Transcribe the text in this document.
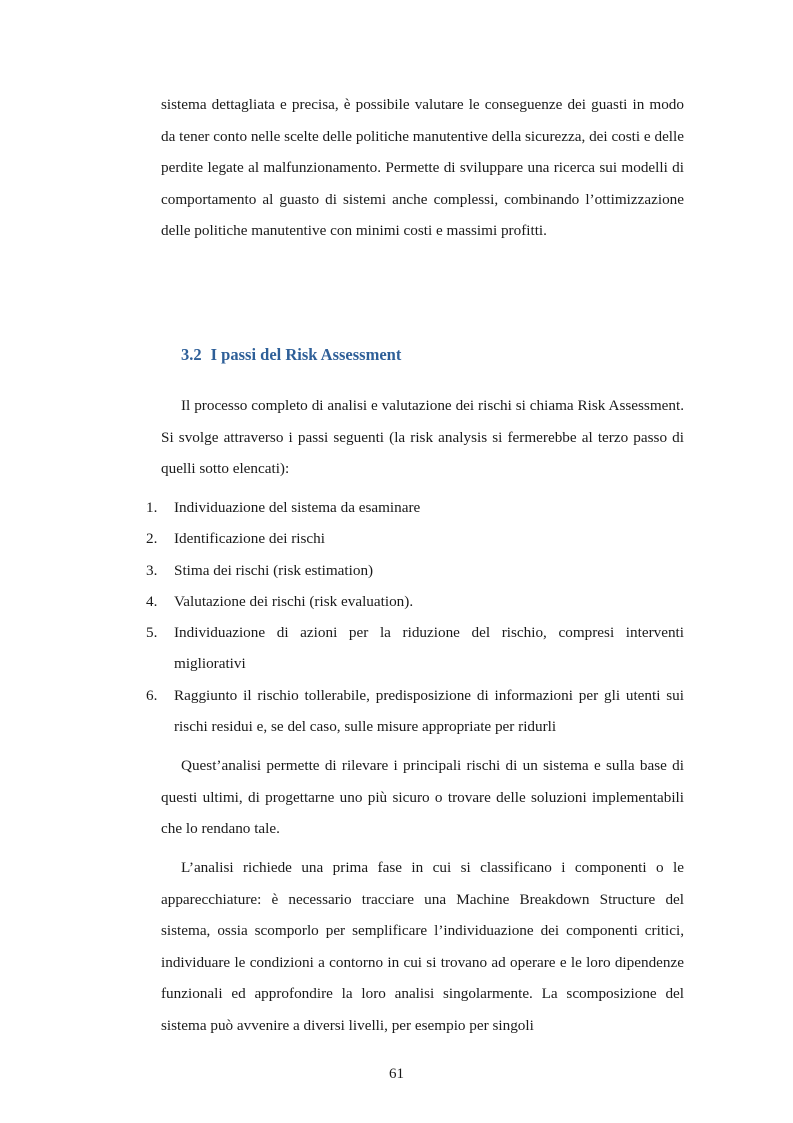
sistema dettagliata e precisa, è possibile valutare le conseguenze dei guasti in modo da tener conto nelle scelte delle politiche manutentive della sicurezza, dei costi e delle perdite legate al malfunzionamento. Permette di sviluppare una ricerca sui modelli di comportamento al guasto di sistemi anche complessi, combinando l’ottimizzazione delle politiche manutentive con minimi costi e massimi profitti.

3.2 I passi del Risk Assessment

Il processo completo di analisi e valutazione dei rischi si chiama Risk Assessment. Si svolge attraverso i passi seguenti (la risk analysis si fermerebbe al terzo passo di quelli sotto elencati):

1. Individuazione del sistema da esaminare
2. Identificazione dei rischi
3. Stima dei rischi (risk estimation)
4. Valutazione dei rischi (risk evaluation).
5. Individuazione di azioni per la riduzione del rischio, compresi interventi migliorativi
6. Raggiunto il rischio tollerabile, predisposizione di informazioni per gli utenti sui rischi residui e, se del caso, sulle misure appropriate per ridurli

Quest’analisi permette di rilevare i principali rischi di un sistema e sulla base di questi ultimi, di progettarne uno più sicuro o trovare delle soluzioni implementabili che lo rendano tale.

L’analisi richiede una prima fase in cui si classificano i componenti o le apparecchiature: è necessario tracciare una Machine Breakdown Structure del sistema, ossia scomporlo per semplificare l’individuazione dei componenti critici, individuare le condizioni a contorno in cui si trovano ad operare e le loro dipendenze funzionali ed approfondire la loro analisi singolarmente. La scomposizione del sistema può avvenire a diversi livelli, per esempio per singoli

61
